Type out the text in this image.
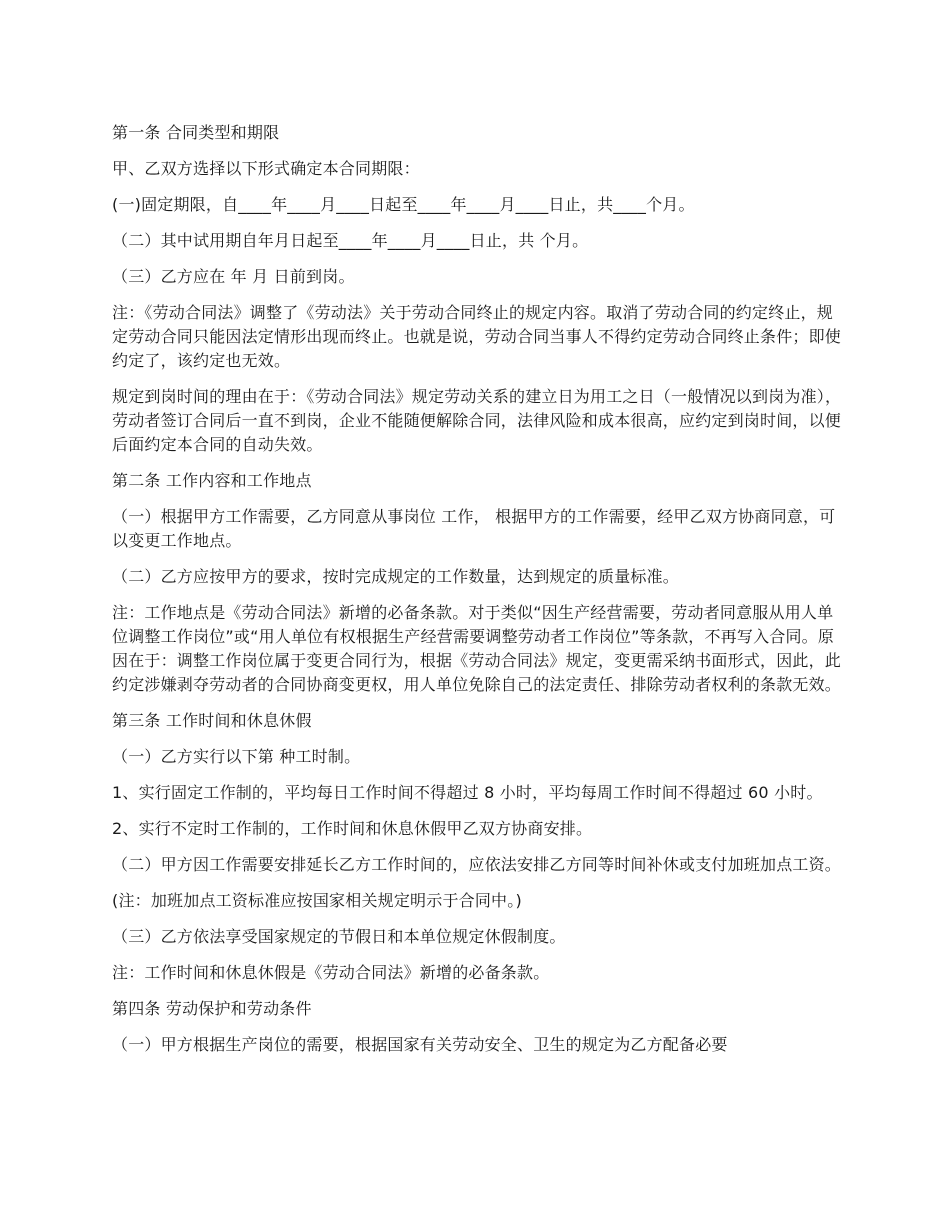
第一条 合同类型和期限

甲、乙双方选择以下形式确定本合同期限：

(一)固定期限，自____年____月____日起至____年____月____日止，共____个月。

（二）其中试用期自年月日起至____年____月____日止，共 个月。

（三）乙方应在 年 月 日前到岗。

注：《劳动合同法》调整了《劳动法》关于劳动合同终止的规定内容。取消了劳动合同的约定终止，规定劳动合同只能因法定情形出现而终止。也就是说，劳动合同当事人不得约定劳动合同终止条件；即使约定了，该约定也无效。

规定到岗时间的理由在于：《劳动合同法》规定劳动关系的建立日为用工之日（一般情况以到岗为准），劳动者签订合同后一直不到岗，企业不能随便解除合同，法律风险和成本很高，应约定到岗时间，以便后面约定本合同的自动失效。

第二条 工作内容和工作地点

（一）根据甲方工作需要，乙方同意从事岗位 工作， 根据甲方的工作需要，经甲乙双方协商同意，可以变更工作地点。

（二）乙方应按甲方的要求，按时完成规定的工作数量，达到规定的质量标准。

注：工作地点是《劳动合同法》新增的必备条款。对于类似“因生产经营需要，劳动者同意服从用人单位调整工作岗位”或“用人单位有权根据生产经营需要调整劳动者工作岗位”等条款，不再写入合同。原因在于：调整工作岗位属于变更合同行为，根据《劳动合同法》规定，变更需采纳书面形式，因此，此约定涉嫌剥夺劳动者的合同协商变更权，用人单位免除自己的法定责任、排除劳动者权利的条款无效。

第三条 工作时间和休息休假

（一）乙方实行以下第 种工时制。

1、实行固定工作制的，平均每日工作时间不得超过 8 小时，平均每周工作时间不得超过 60 小时。

2、实行不定时工作制的，工作时间和休息休假甲乙双方协商安排。

（二）甲方因工作需要安排延长乙方工作时间的，应依法安排乙方同等时间补休或支付加班加点工资。

(注：加班加点工资标准应按国家相关规定明示于合同中。)

（三）乙方依法享受国家规定的节假日和本单位规定休假制度。

注：工作时间和休息休假是《劳动合同法》新增的必备条款。

第四条 劳动保护和劳动条件

（一）甲方根据生产岗位的需要，根据国家有关劳动安全、卫生的规定为乙方配备必要
